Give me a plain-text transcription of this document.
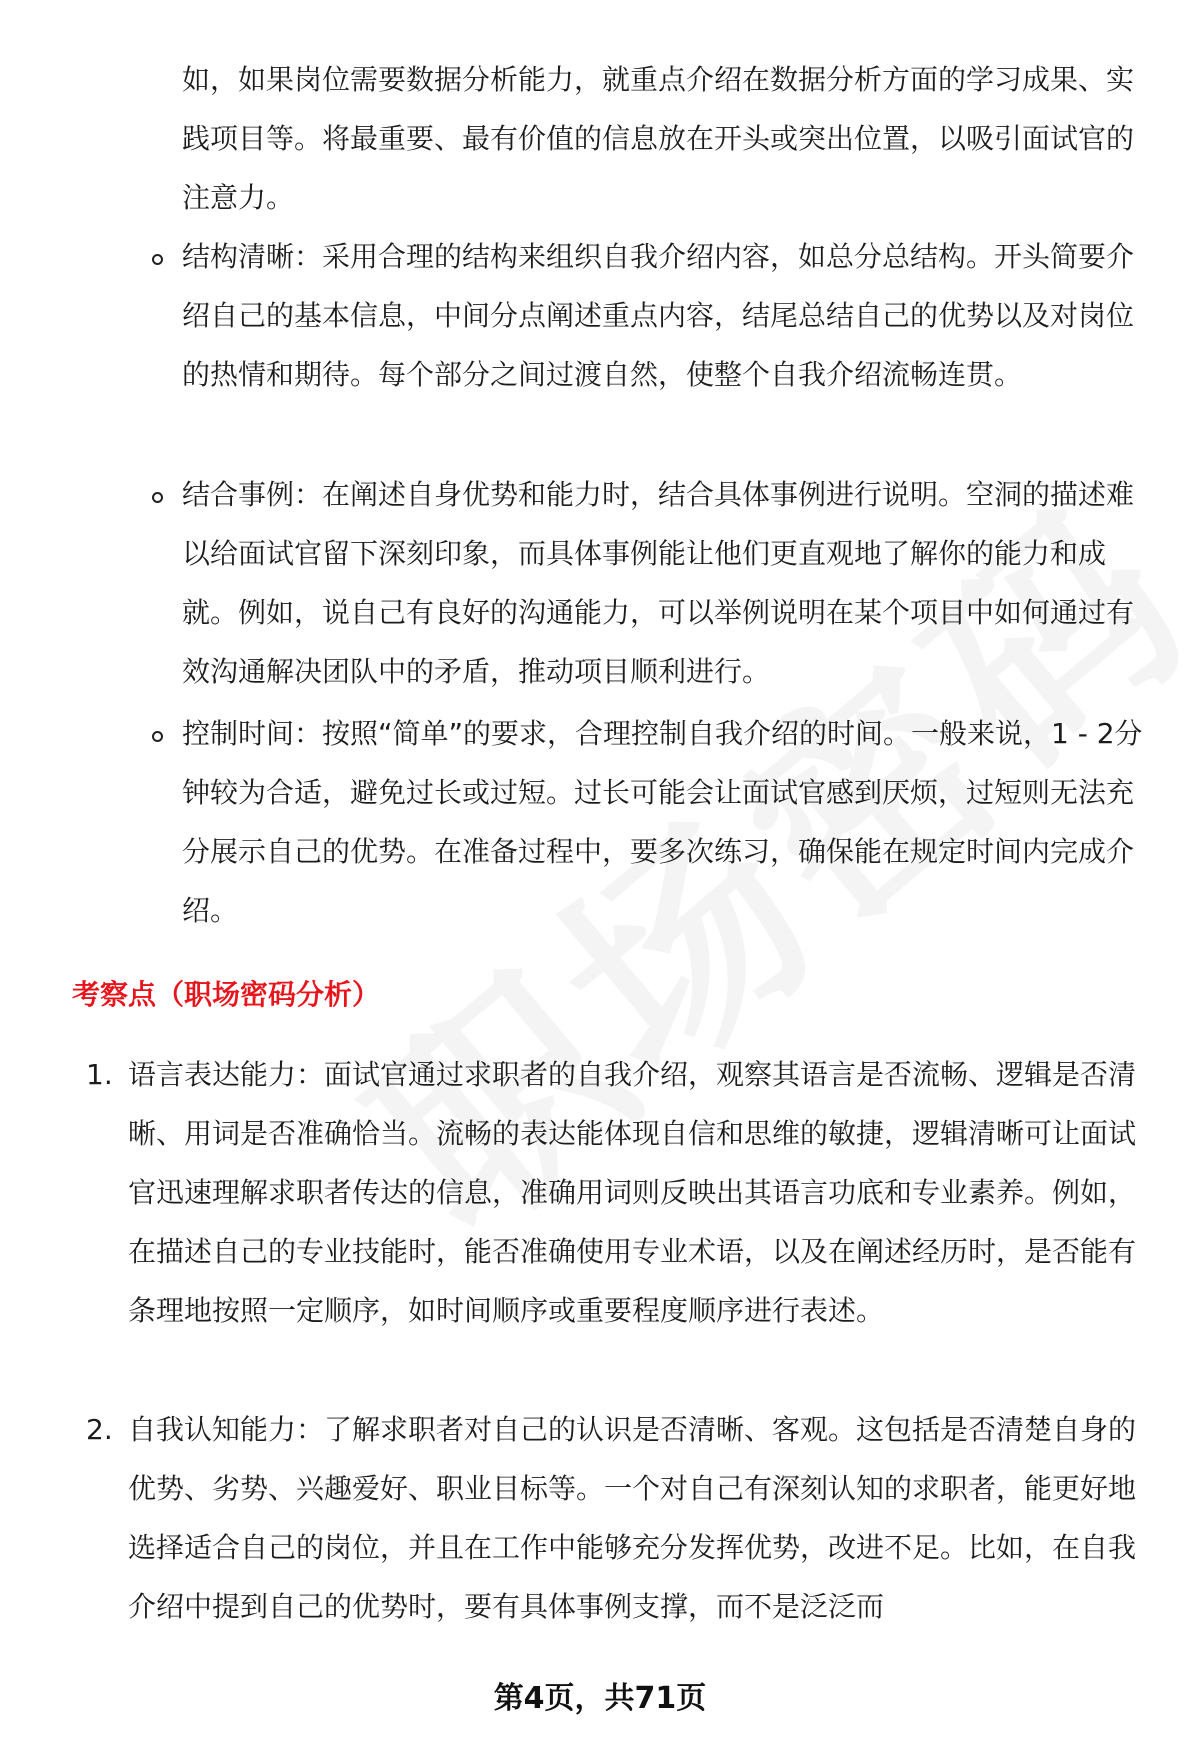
如，如果岗位需要数据分析能力，就重点介绍在数据分析方面的学习成果、实践项目等。将最重要、最有价值的信息放在开头或突出位置，以吸引面试官的注意力。

结构清晰：采用合理的结构来组织自我介绍内容，如总分总结构。开头简要介绍自己的基本信息，中间分点阐述重点内容，结尾总结自己的优势以及对岗位的热情和期待。每个部分之间过渡自然，使整个自我介绍流畅连贯。

结合事例：在阐述自身优势和能力时，结合具体事例进行说明。空洞的描述难以给面试官留下深刻印象，而具体事例能让他们更直观地了解你的能力和成就。例如，说自己有良好的沟通能力，可以举例说明在某个项目中如何通过有效沟通解决团队中的矛盾，推动项目顺利进行。

控制时间：按照“简单”的要求，合理控制自我介绍的时间。一般来说，1 - 2分钟较为合适，避免过长或过短。过长可能会让面试官感到厌烦，过短则无法充分展示自己的优势。在准备过程中，要多次练习，确保能在规定时间内完成介绍。

考察点（职场密码分析）
1. 语言表达能力：面试官通过求职者的自我介绍，观察其语言是否流畅、逻辑是否清晰、用词是否准确恰当。流畅的表达能体现自信和思维的敏捷，逻辑清晰可让面试官迅速理解求职者传达的信息，准确用词则反映出其语言功底和专业素养。例如，在描述自己的专业技能时，能否准确使用专业术语，以及在阐述经历时，是否能有条理地按照一定顺序，如时间顺序或重要程度顺序进行表述。

2. 自我认知能力：了解求职者对自己的认识是否清晰、客观。这包括是否清楚自身的优势、劣势、兴趣爱好、职业目标等。一个对自己有深刻认知的求职者，能更好地选择适合自己的岗位，并且在工作中能够充分发挥优势，改进不足。比如，在自我介绍中提到自己的优势时，要有具体事例支撑，而不是泛泛而

第4页，共71页
